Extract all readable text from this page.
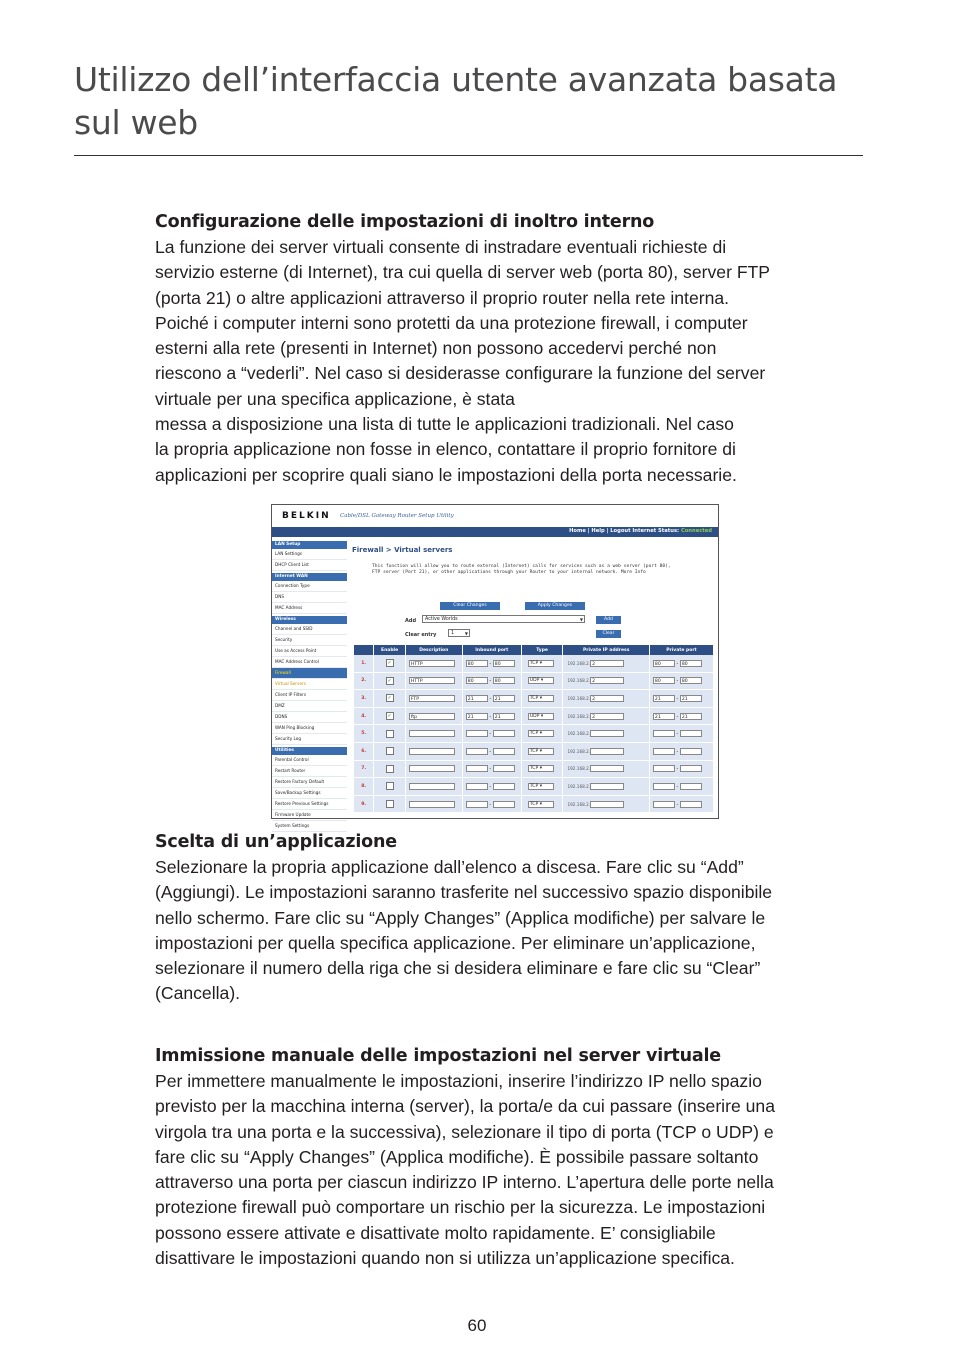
Utilizzo dell’interfaccia utente avanzata basata sul web
Configurazione delle impostazioni di inoltro interno

La funzione dei server virtuali consente di instradare eventuali richieste di
servizio esterne (di Internet), tra cui quella di server web (porta 80), server FTP
(porta 21) o altre applicazioni attraverso il proprio router nella rete interna.
Poiché i computer interni sono protetti da una protezione firewall, i computer
esterni alla rete (presenti in Internet) non possono accedervi perché non
riescono a “vederli”. Nel caso si desiderasse configurare la funzione del server
virtuale per una specifica applicazione, è stata
messa a disposizione una lista di tutte le applicazioni tradizionali. Nel caso
la propria applicazione non fosse in elenco, contattare il proprio fornitore di
applicazioni per scoprire quali siano le impostazioni della porta necessarie.

BELKIN Cable/DSL Gateway Router Setup Utility
Home | Help | Logout Internet Status: Connected
LAN Setup
LAN Settings
DHCP Client List
Internet WAN
Connection Type
DNS
MAC Address
Wireless
Channel and SSID
Security
Use as Access Point
MAC Address Control
Firewall
Virtual Servers
Client IP Filters
DMZ
DDNS
WAN Ping Blocking
Security Log
Utilities
Parental Control
Restart Router
Restore Factory Default
Save/Backup Settings
Restore Previous Settings
Firmware Update
System Settings
Firewall > Virtual servers
This function will allow you to route external (Internet) calls for services such as a web server (port 80), FTP server (Port 21), or other applications through your Router to your internal network. More Info
Clear Changes	Apply Changes
Add	Active Worlds	▼	Add
Clear entry	1	▼	Clear
	Enable	Description	Inbound port	Type	Private IP address	Private port
1.	✓	HTTP	80 - 80	TCP ▾	192.168.2. 2	80 - 80
2.	✓	HTTP	80 - 80	UDP ▾	192.168.2. 2	80 - 80
3.	✓	FTP	21 - 21	TCP ▾	192.168.2. 2	21 - 21
4.	✓	ftp	21 - 21	UDP ▾	192.168.2. 2	21 - 21
5.			-	TCP ▾	192.168.2.	-
6.			-	TCP ▾	192.168.2.	-
7.			-	TCP ▾	192.168.2.	-
8.			-	TCP ▾	192.168.2.	-
9.			-	TCP ▾	192.168.2.	-
Scelta di un’applicazione

Selezionare la propria applicazione dall’elenco a discesa. Fare clic su “Add”
(Aggiungi). Le impostazioni saranno trasferite nel successivo spazio disponibile
nello schermo. Fare clic su “Apply Changes” (Applica modifiche) per salvare le
impostazioni per quella specifica applicazione. Per eliminare un’applicazione,
selezionare il numero della riga che si desidera eliminare e fare clic su “Clear”
(Cancella).

Immissione manuale delle impostazioni nel server virtuale

Per immettere manualmente le impostazioni, inserire l’indirizzo IP nello spazio
previsto per la macchina interna (server), la porta/e da cui passare (inserire una
virgola tra una porta e la successiva), selezionare il tipo di porta (TCP o UDP) e
fare clic su “Apply Changes” (Applica modifiche). È possibile passare soltanto
attraverso una porta per ciascun indirizzo IP interno. L’apertura delle porte nella
protezione firewall può comportare un rischio per la sicurezza. Le impostazioni
possono essere attivate e disattivate molto rapidamente. E’ consigliabile
disattivare le impostazioni quando non si utilizza un’applicazione specifica.

60
